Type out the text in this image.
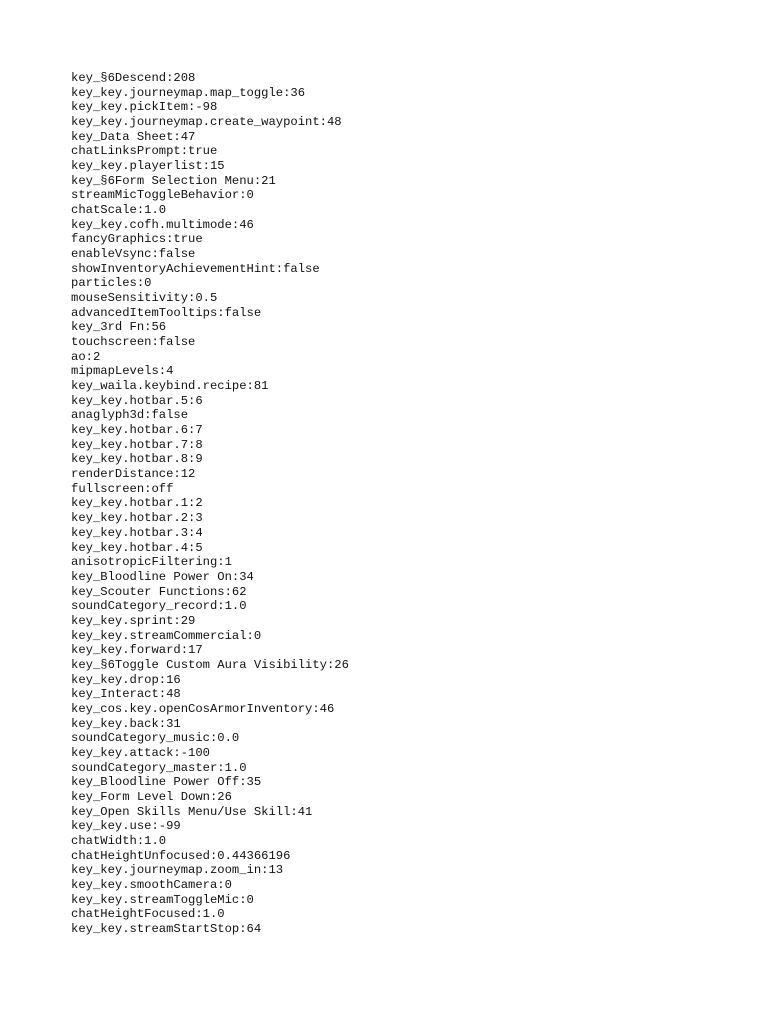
key_§6Descend:208
key_key.journeymap.map_toggle:36
key_key.pickItem:-98
key_key.journeymap.create_waypoint:48
key_Data Sheet:47
chatLinksPrompt:true
key_key.playerlist:15
key_§6Form Selection Menu:21
streamMicToggleBehavior:0
chatScale:1.0
key_key.cofh.multimode:46
fancyGraphics:true
enableVsync:false
showInventoryAchievementHint:false
particles:0
mouseSensitivity:0.5
advancedItemTooltips:false
key_3rd Fn:56
touchscreen:false
ao:2
mipmapLevels:4
key_waila.keybind.recipe:81
key_key.hotbar.5:6
anaglyph3d:false
key_key.hotbar.6:7
key_key.hotbar.7:8
key_key.hotbar.8:9
renderDistance:12
fullscreen:off
key_key.hotbar.1:2
key_key.hotbar.2:3
key_key.hotbar.3:4
key_key.hotbar.4:5
anisotropicFiltering:1
key_Bloodline Power On:34
key_Scouter Functions:62
soundCategory_record:1.0
key_key.sprint:29
key_key.streamCommercial:0
key_key.forward:17
key_§6Toggle Custom Aura Visibility:26
key_key.drop:16
key_Interact:48
key_cos.key.openCosArmorInventory:46
key_key.back:31
soundCategory_music:0.0
key_key.attack:-100
soundCategory_master:1.0
key_Bloodline Power Off:35
key_Form Level Down:26
key_Open Skills Menu/Use Skill:41
key_key.use:-99
chatWidth:1.0
chatHeightUnfocused:0.44366196
key_key.journeymap.zoom_in:13
key_key.smoothCamera:0
key_key.streamToggleMic:0
chatHeightFocused:1.0
key_key.streamStartStop:64
